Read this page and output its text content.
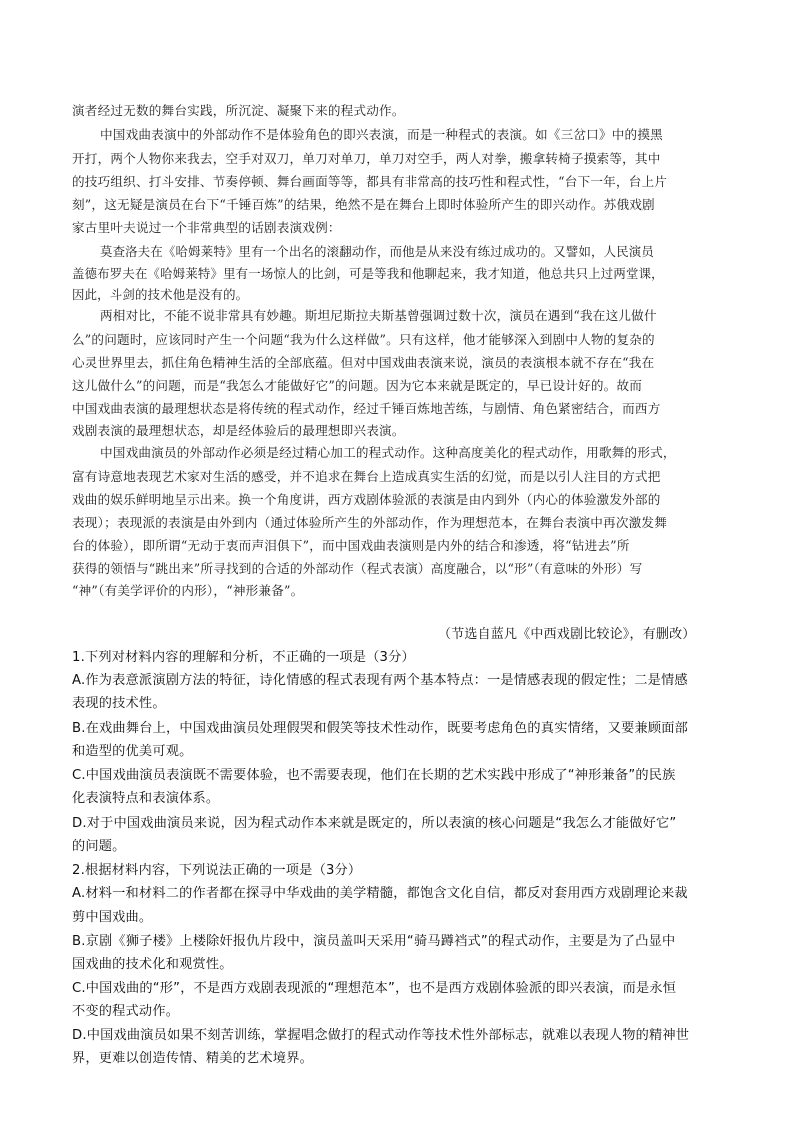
演者经过无数的舞台实践，所沉淀、凝聚下来的程式动作。
中国戏曲表演中的外部动作不是体验角色的即兴表演，而是一种程式的表演。如《三岔口》中的摸黑
开打，两个人物你来我去，空手对双刀，单刀对单刀，单刀对空手，两人对拳，搬拿转椅子摸索等，其中
的技巧组织、打斗安排、节奏停顿、舞台画面等等，都具有非常高的技巧性和程式性，“台下一年，台上片
刻”，这无疑是演员在台下“千锤百炼”的结果，绝然不是在舞台上即时体验所产生的即兴动作。苏俄戏剧
家古里叶夫说过一个非常典型的话剧表演戏例：
莫查洛夫在《哈姆莱特》里有一个出名的滚翻动作，而他是从来没有练过成功的。又譬如，人民演员
盖德布罗夫在《哈姆莱特》里有一场惊人的比剑，可是等我和他聊起来，我才知道，他总共只上过两堂课，
因此，斗剑的技术他是没有的。
两相对比，不能不说非常具有妙趣。斯坦尼斯拉夫斯基曾强调过数十次，演员在遇到“我在这儿做什
么”的问题时，应该同时产生一个问题“我为什么这样做”。只有这样，他才能够深入到剧中人物的复杂的
心灵世界里去，抓住角色精神生活的全部底蕴。但对中国戏曲表演来说，演员的表演根本就不存在“我在
这儿做什么”的问题，而是“我怎么才能做好它”的问题。因为它本来就是既定的，早已设计好的。故而
中国戏曲表演的最理想状态是将传统的程式动作，经过千锤百炼地苦练，与剧情、角色紧密结合，而西方
戏剧表演的最理想状态，却是经体验后的最理想即兴表演。
中国戏曲演员的外部动作必须是经过精心加工的程式动作。这种高度美化的程式动作，用歌舞的形式，
富有诗意地表现艺术家对生活的感受，并不追求在舞台上造成真实生活的幻觉，而是以引人注目的方式把
戏曲的娱乐鲜明地呈示出来。换一个角度讲，西方戏剧体验派的表演是由内到外（内心的体验激发外部的
表现）；表现派的表演是由外到内（通过体验所产生的外部动作，作为理想范本，在舞台表演中再次激发舞
台的体验），即所谓“无动于衷而声泪俱下”，而中国戏曲表演则是内外的结合和渗透，将“钻进去”所
获得的领悟与“跳出来”所寻找到的合适的外部动作（程式表演）高度融合，以“形”（有意味的外形）写
“神”（有美学评价的内形），“神形兼备”。
（节选自蓝凡《中西戏剧比较论》，有删改）
1.下列对材料内容的理解和分析，不正确的一项是（3分）
A.作为表意派演剧方法的特征，诗化情感的程式表现有两个基本特点：一是情感表现的假定性；二是情感
表现的技术性。
B.在戏曲舞台上，中国戏曲演员处理假哭和假笑等技术性动作，既要考虑角色的真实情绪，又要兼顾面部
和造型的优美可观。
C.中国戏曲演员表演既不需要体验，也不需要表现，他们在长期的艺术实践中形成了“神形兼备”的民族
化表演特点和表演体系。
D.对于中国戏曲演员来说，因为程式动作本来就是既定的，所以表演的核心问题是“我怎么才能做好它”
的问题。
2.根据材料内容，下列说法正确的一项是（3分）
A.材料一和材料二的作者都在探寻中华戏曲的美学精髓，都饱含文化自信，都反对套用西方戏剧理论来裁
剪中国戏曲。
B.京剧《狮子楼》上楼除奸报仇片段中，演员盖叫天采用“骑马蹲裆式”的程式动作，主要是为了凸显中
国戏曲的技术化和观赏性。
C.中国戏曲的“形”，不是西方戏剧表现派的“理想范本”，也不是西方戏剧体验派的即兴表演，而是永恒
不变的程式动作。
D.中国戏曲演员如果不刻苦训练，掌握唱念做打的程式动作等技术性外部标志，就难以表现人物的精神世
界，更难以创造传情、精美的艺术境界。
